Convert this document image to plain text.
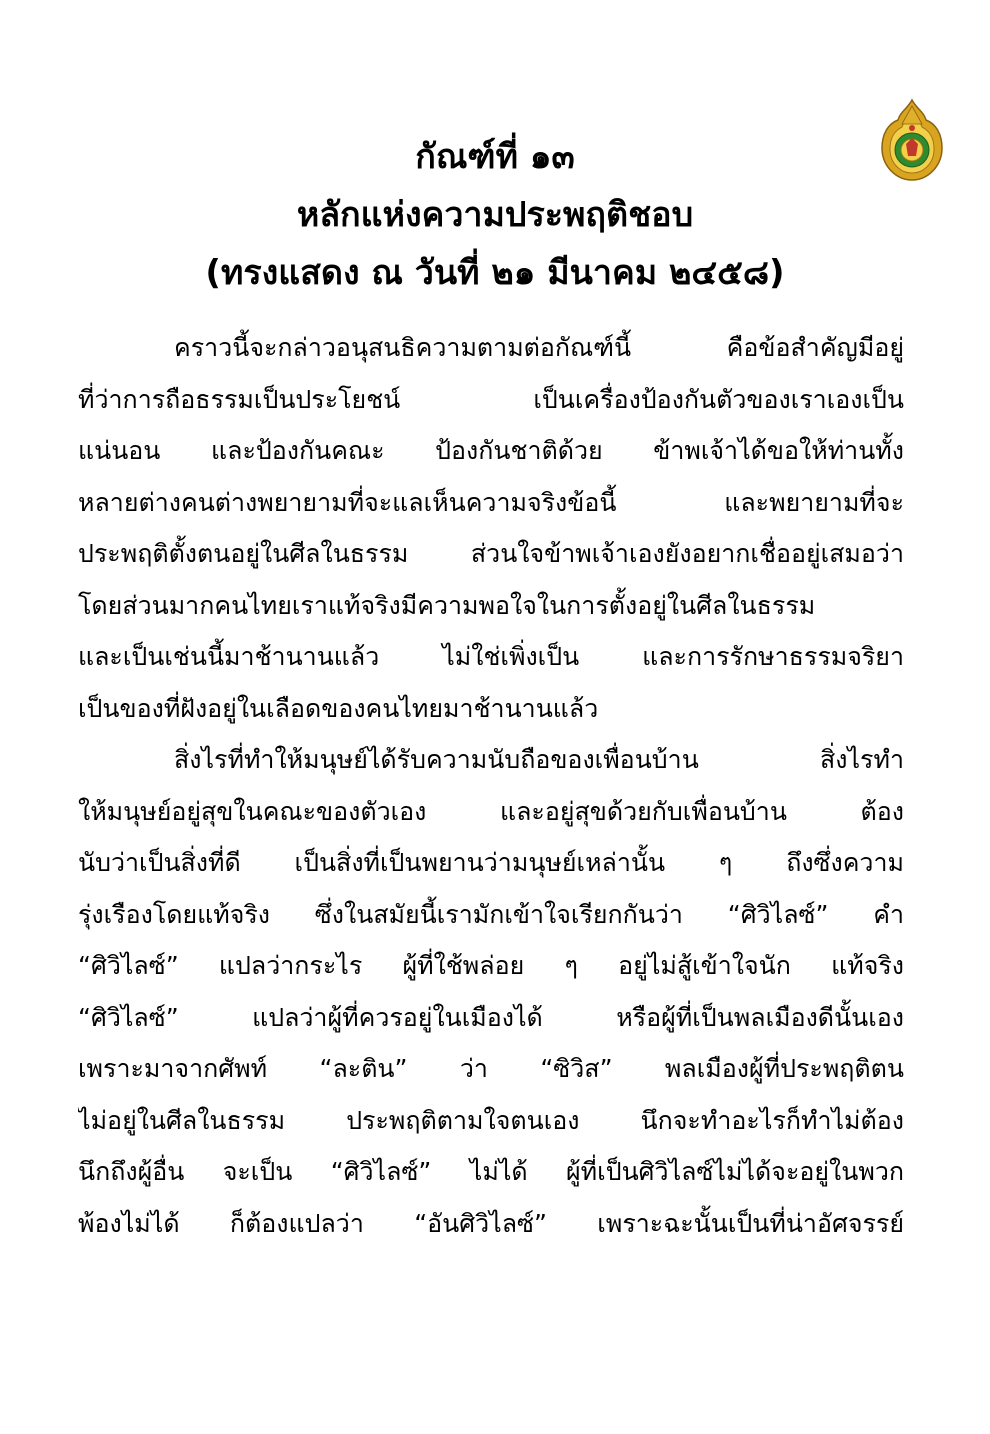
กัณฑ์ที่ ๑๓
หลักแห่งความประพฤติชอบ
(ทรงแสดง ณ วันที่ ๒๑ มีนาคม ๒๔๕๘)
คราวนี้จะกล่าวอนุสนธิความตามต่อกัณฑ์นี้ คือข้อสำคัญมีอยู่
ที่ว่าการถือธรรมเป็นประโยชน์ เป็นเครื่องป้องกันตัวของเราเองเป็น
แน่นอน และป้องกันคณะ ป้องกันชาติด้วย ข้าพเจ้าได้ขอให้ท่านทั้ง
หลายต่างคนต่างพยายามที่จะแลเห็นความจริงข้อนี้ และพยายามที่จะ
ประพฤติตั้งตนอยู่ในศีลในธรรม ส่วนใจข้าพเจ้าเองยังอยากเชื่ออยู่เสมอว่า
โดยส่วนมากคนไทยเราแท้จริงมีความพอใจในการตั้งอยู่ในศีลในธรรม
และเป็นเช่นนี้มาช้านานแล้ว ไม่ใช่เพิ่งเป็น และการรักษาธรรมจริยา
เป็นของที่ฝังอยู่ในเลือดของคนไทยมาช้านานแล้ว
สิ่งไรที่ทำให้มนุษย์ได้รับความนับถือของเพื่อนบ้าน สิ่งไรทำ
ให้มนุษย์อยู่สุขในคณะของตัวเอง และอยู่สุขด้วยกับเพื่อนบ้าน ต้อง
นับว่าเป็นสิ่งที่ดี เป็นสิ่งที่เป็นพยานว่ามนุษย์เหล่านั้น ๆ ถึงซึ่งความ
รุ่งเรืองโดยแท้จริง ซึ่งในสมัยนี้เรามักเข้าใจเรียกกันว่า “ศิวิไลซ์” คำ
“ศิวิไลซ์” แปลว่ากระไร ผู้ที่ใช้พล่อย ๆ อยู่ไม่สู้เข้าใจนัก แท้จริง
“ศิวิไลซ์” แปลว่าผู้ที่ควรอยู่ในเมืองได้ หรือผู้ที่เป็นพลเมืองดีนั้นเอง
เพราะมาจากศัพท์ “ละติน” ว่า “ซิวิส” พลเมืองผู้ที่ประพฤติตน
ไม่อยู่ในศีลในธรรม ประพฤติตามใจตนเอง นึกจะทำอะไรก็ทำไม่ต้อง
นึกถึงผู้อื่น จะเป็น “ศิวิไลซ์” ไม่ได้ ผู้ที่เป็นศิวิไลซ์ไม่ได้จะอยู่ในพวก
พ้องไม่ได้ ก็ต้องแปลว่า “อันศิวิไลซ์” เพราะฉะนั้นเป็นที่น่าอัศจรรย์
